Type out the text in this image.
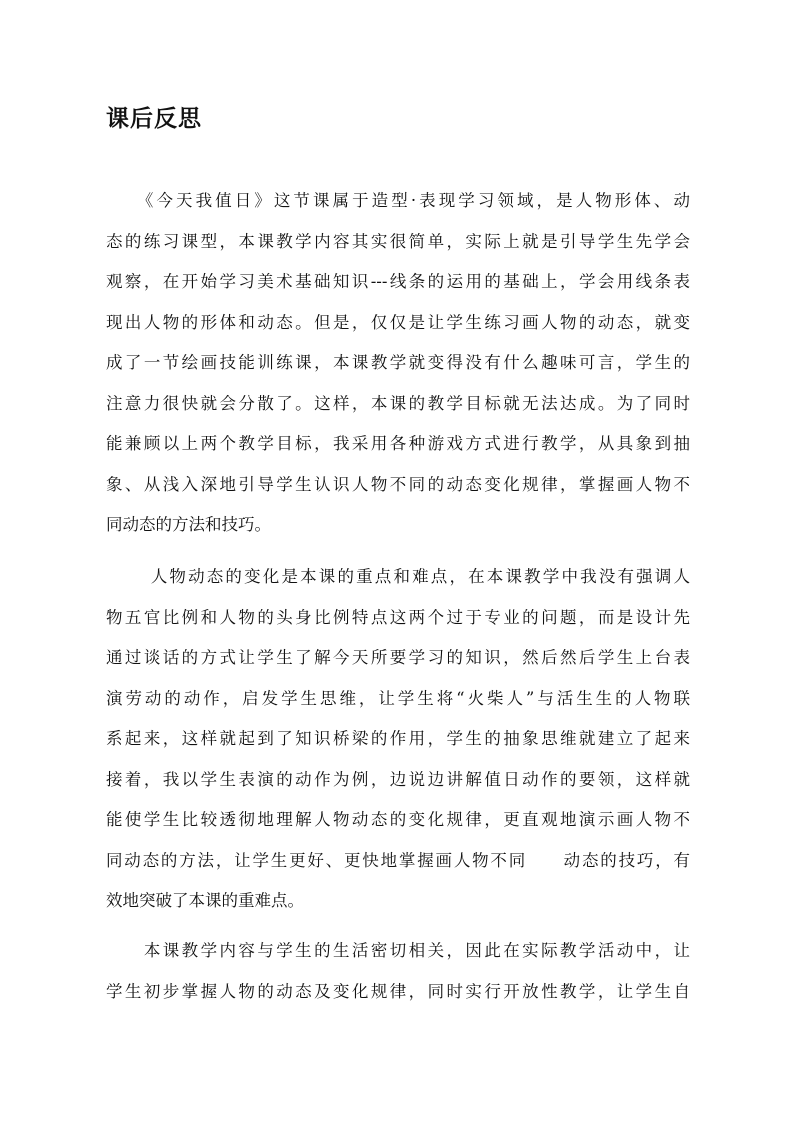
课后反思
　　《今天我值日》这节课属于造型·表现学习领域，是人物形体、动
态的练习课型，本课教学内容其实很简单，实际上就是引导学生先学会
观察，在开始学习美术基础知识---线条的运用的基础上，学会用线条表
现出人物的形体和动态。但是，仅仅是让学生练习画人物的动态，就变
成了一节绘画技能训练课，本课教学就变得没有什么趣味可言，学生的
注意力很快就会分散了。这样，本课的教学目标就无法达成。为了同时
能兼顾以上两个教学目标，我采用各种游戏方式进行教学，从具象到抽
象、从浅入深地引导学生认识人物不同的动态变化规律，掌握画人物不
同动态的方法和技巧。
　　 人物动态的变化是本课的重点和难点，在本课教学中我没有强调人
物五官比例和人物的头身比例特点这两个过于专业的问题，而是设计先
通过谈话的方式让学生了解今天所要学习的知识，然后然后学生上台表
演劳动的动作，启发学生思维，让学生将“火柴人”与活生生的人物联
系起来，这样就起到了知识桥梁的作用，学生的抽象思维就建立了起来
接着，我以学生表演的动作为例，边说边讲解值日动作的要领，这样就
能使学生比较透彻地理解人物动态的变化规律，更直观地演示画人物不
同动态的方法，让学生更好、更快地掌握画人物不同　　动态的技巧，有
效地突破了本课的重难点。
　　本课教学内容与学生的生活密切相关，因此在实际教学活动中，让
学生初步掌握人物的动态及变化规律，同时实行开放性教学，让学生自
